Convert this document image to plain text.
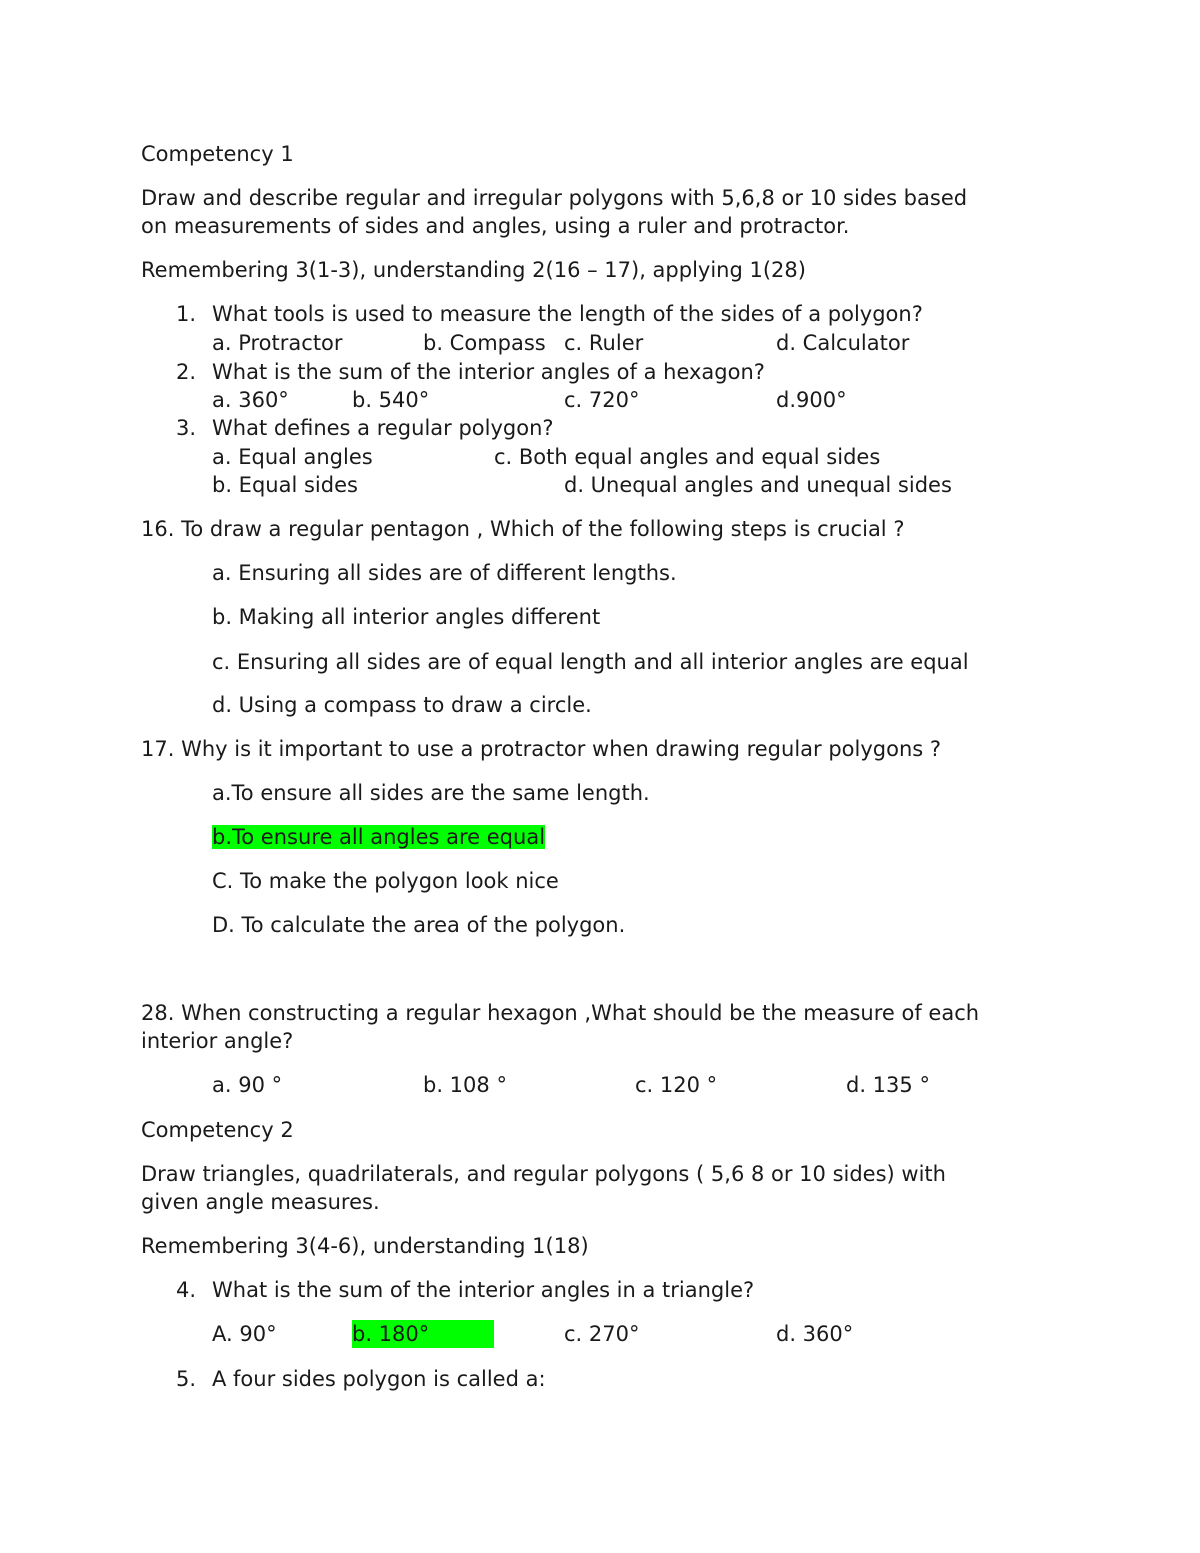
Competency 1
Draw and describe regular and irregular polygons with 5,6,8 or 10 sides based
on measurements of sides and angles, using a ruler and protractor.
Remembering 3(1-3), understanding 2(16 – 17), applying 1(28)
1. What tools is used to measure the length of the sides of a polygon?
a. Protractor	b. Compass c. Ruler	d. Calculator
2. What is the sum of the interior angles of a hexagon?
a. 360°	b. 540°	c. 720°	d.900°
3. What defines a regular polygon?
a. Equal angles	c. Both equal angles and equal sides
b. Equal sides	d. Unequal angles and unequal sides
16. To draw a regular pentagon , Which of the following steps is crucial ?
a. Ensuring all sides are of different lengths.
b. Making all interior angles different
c. Ensuring all sides are of equal length and all interior angles are equal
d. Using a compass to draw a circle.
17. Why is it important to use a protractor when drawing regular polygons ?
a.To ensure all sides are the same length.
b.To ensure all angles are equal
C. To make the polygon look nice
D. To calculate the area of the polygon.
28. When constructing a regular hexagon ,What should be the measure of each
interior angle?
a. 90 °	b. 108 °	c. 120 °	d. 135 °
Competency 2
Draw triangles, quadrilaterals, and regular polygons ( 5,6 8 or 10 sides) with
given angle measures.
Remembering 3(4-6), understanding 1(18)
4. What is the sum of the interior angles in a triangle?
A. 90°	b. 180°	c. 270°	d. 360°
5. A four sides polygon is called a:
